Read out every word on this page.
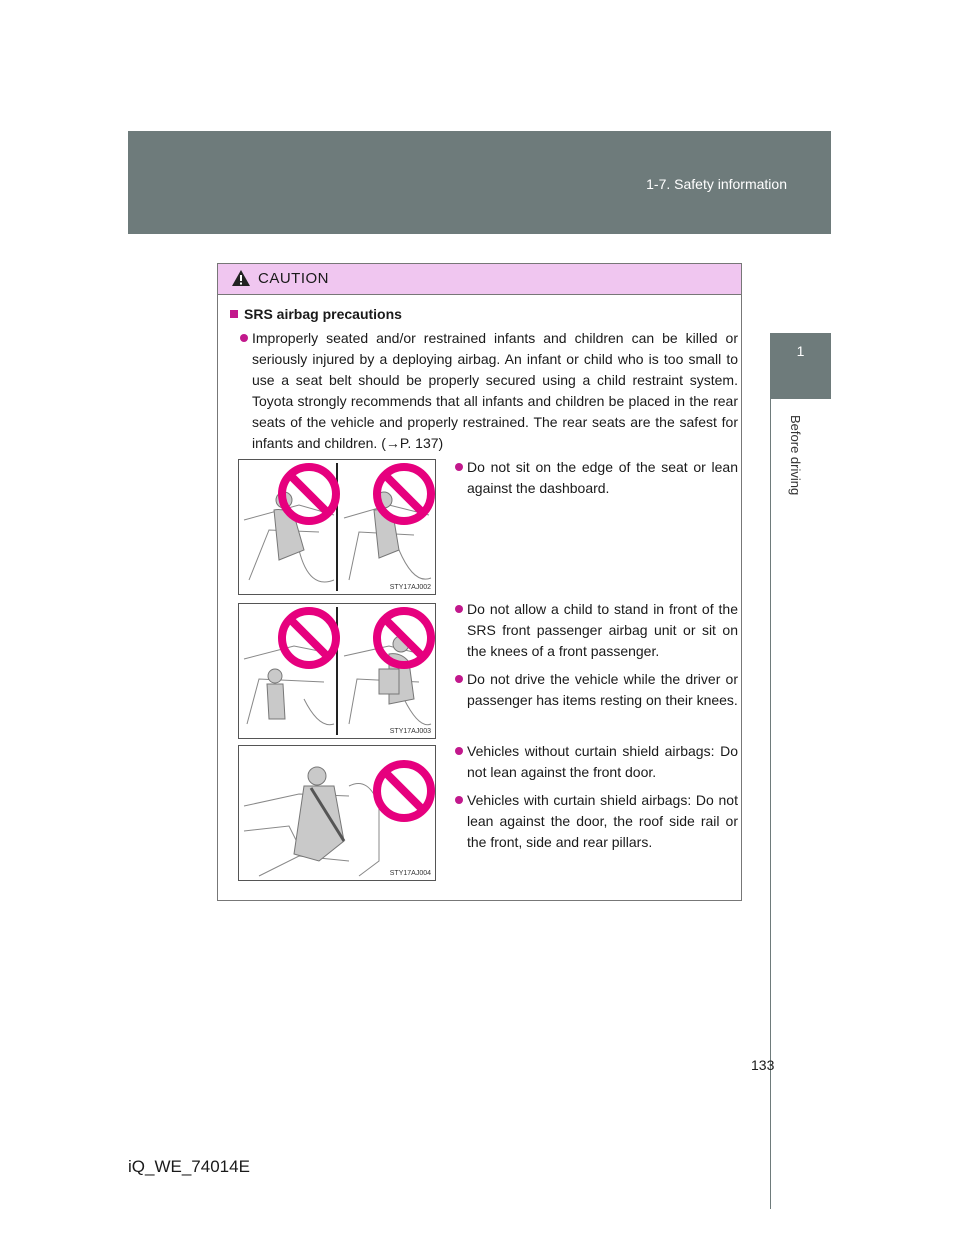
1-7. Safety information
1
Before driving
CAUTION
SRS airbag precautions
Improperly seated and/or restrained infants and children can be killed or seriously injured by a deploying airbag. An infant or child who is too small to use a seat belt should be properly secured using a child restraint system. Toyota strongly recommends that all infants and children be placed in the rear seats of the vehicle and properly restrained. The rear seats are the safest for infants and children. (→P. 137)
STY17AJ002
Do not sit on the edge of the seat or lean against the dashboard.
STY17AJ003
Do not allow a child to stand in front of the SRS front passenger airbag unit or sit on the knees of a front passenger.
Do not drive the vehicle while the driver or passenger has items resting on their knees.
STY17AJ004
Vehicles without curtain shield airbags: Do not lean against the front door.
Vehicles with curtain shield airbags: Do not lean against the door, the roof side rail or the front, side and rear pillars.
133
iQ_WE_74014E
